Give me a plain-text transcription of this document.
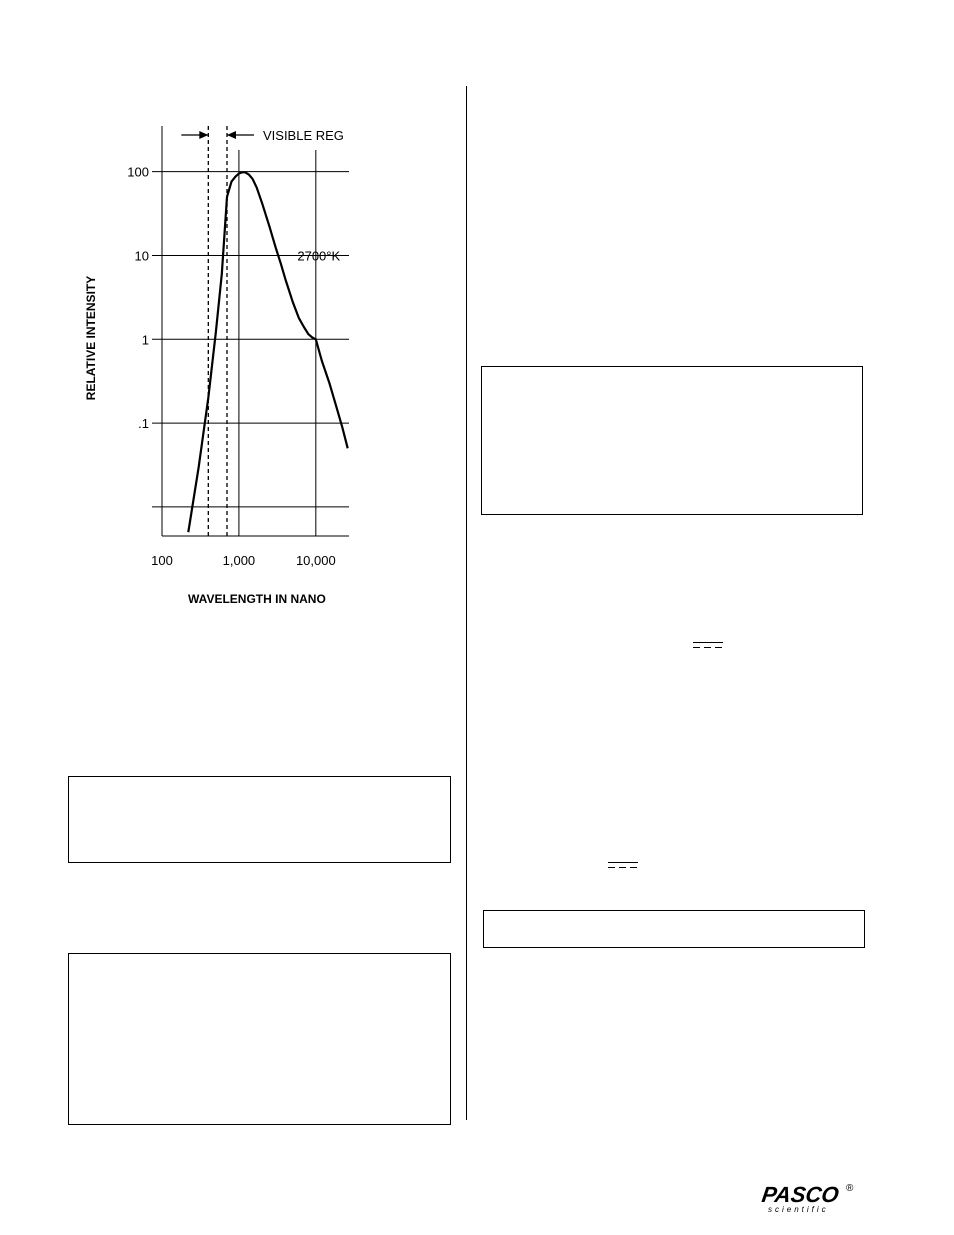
100
10
1
.1
100	1,000	10,000
RELATIVE INTENSITY
WAVELENGTH IN NANO
VISIBLE REG
2700°K
PASCO ®
scientific
